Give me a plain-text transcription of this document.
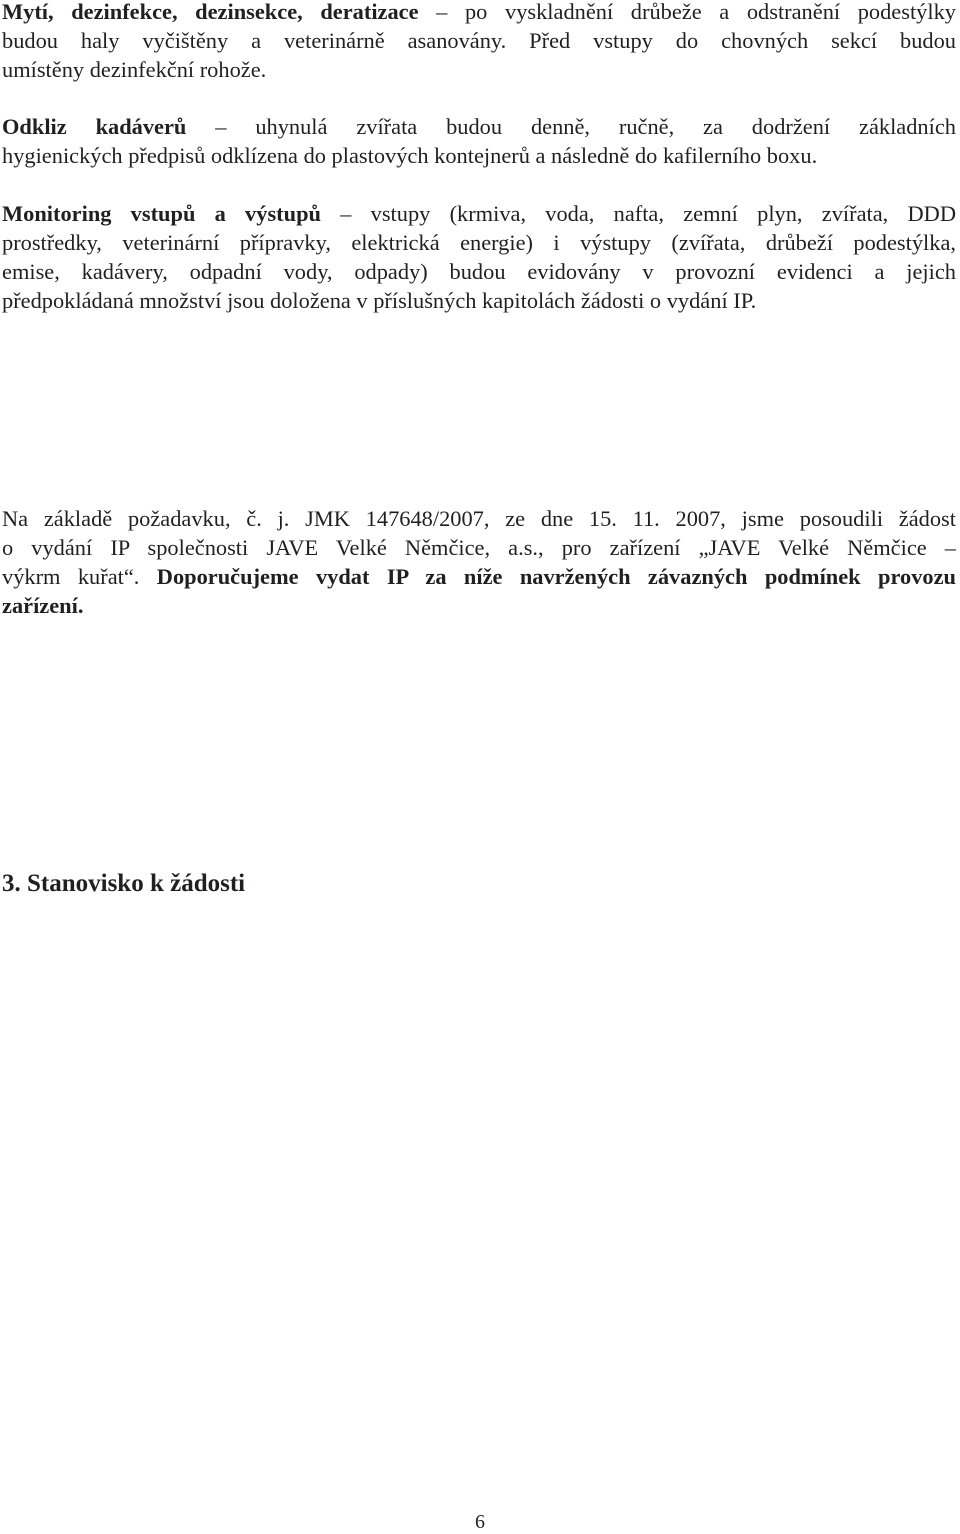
Mytí, dezinfekce, dezinsekce, deratizace – po vyskladnění drůbeže a odstranění podestýlky
budou haly vyčištěny a veterinárně asanovány. Před vstupy do chovných sekcí budou
umístěny dezinfekční rohože.

Odkliz kadáverů – uhynulá zvířata budou denně, ručně, za dodržení základních
hygienických předpisů odklízena do plastových kontejnerů a následně do kafilerního boxu.

Monitoring vstupů a výstupů – vstupy (krmiva, voda, nafta, zemní plyn, zvířata, DDD
prostředky, veterinární přípravky, elektrická energie) i výstupy (zvířata, drůbeží podestýlka,
emise, kadávery, odpadní vody, odpady) budou evidovány v provozní evidenci a jejich
předpokládaná množství jsou doložena v příslušných kapitolách žádosti o vydání IP.

3. Stanovisko k žádosti

Na základě požadavku, č. j. JMK 147648/2007, ze dne 15. 11. 2007, jsme posoudili žádost
o vydání IP společnosti JAVE Velké Němčice, a.s., pro zařízení „JAVE Velké Němčice –
výkrm kuřat“. Doporučujeme vydat IP za níže navržených závazných podmínek provozu
zařízení.

6
